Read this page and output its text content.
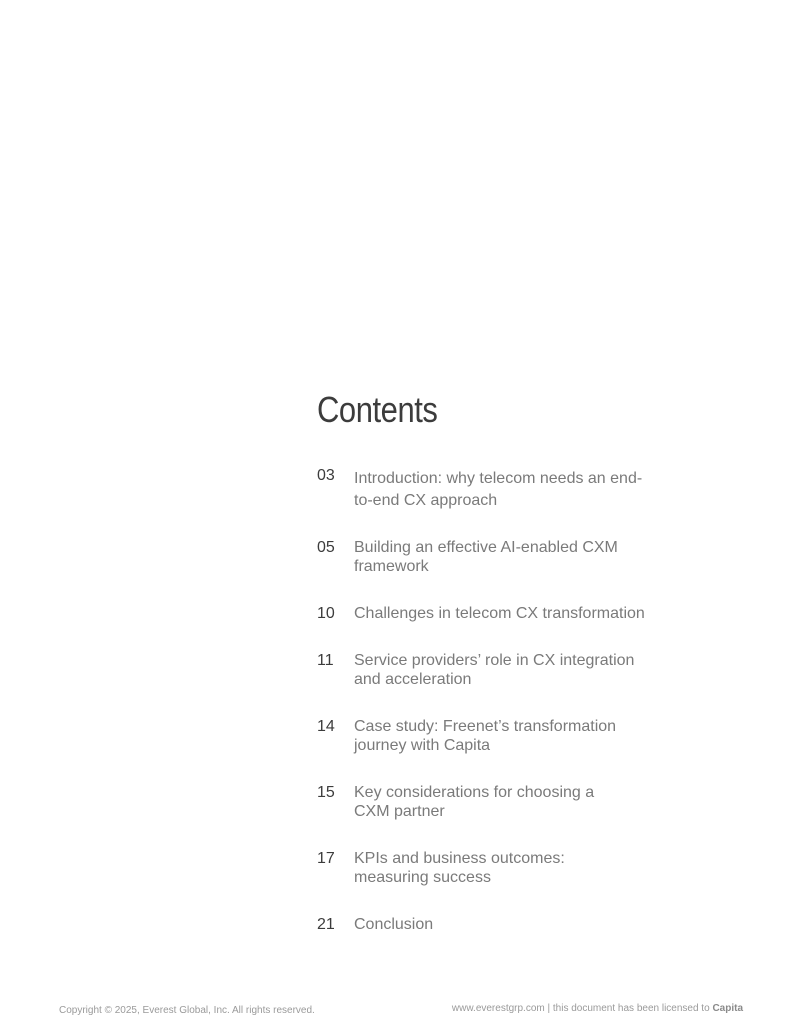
Contents
03 Introduction: why telecom needs an end-to-end CX approach
05 Building an effective AI-enabled CXM framework
10 Challenges in telecom CX transformation
11 Service providers’ role in CX integration and acceleration
14 Case study: Freenet’s transformation journey with Capita
15 Key considerations for choosing a CXM partner
17 KPIs and business outcomes: measuring success
21 Conclusion
Copyright © 2025, Everest Global, Inc. All rights reserved.	www.everestgrp.com | this document has been licensed to Capita
